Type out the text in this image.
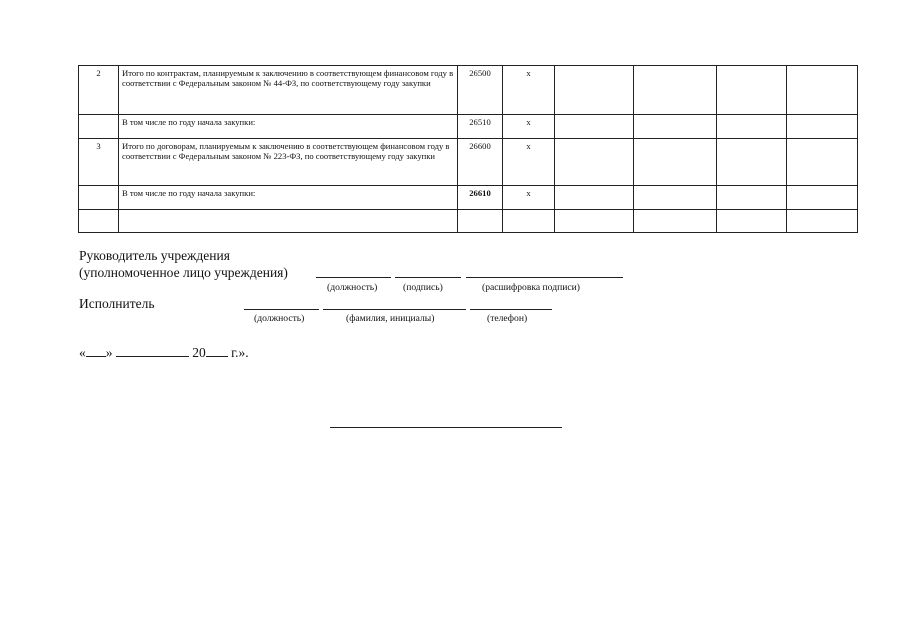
2	Итого по контрактам, планируемым к заключению в соответствующем финансовом году в соответствии с Федеральным законом № 44-ФЗ, по соответствующему году закупки	26500	x				
	В том числе по году начала закупки:	26510	x				
3	Итого по договорам, планируемым к заключению в соответствующем финансовом году в соответствии с Федеральным законом № 223-ФЗ, по соответствующему году закупки	26600	x				
	В том числе по году начала закупки:	26610	x				

Руководитель учреждения
(уполномоченное лицо учреждения)
(должность)	(подпись)	(расшифровка подписи)
Исполнитель
(должность)	(фамилия, инициалы)	(телефон)
« »	20 г.».
